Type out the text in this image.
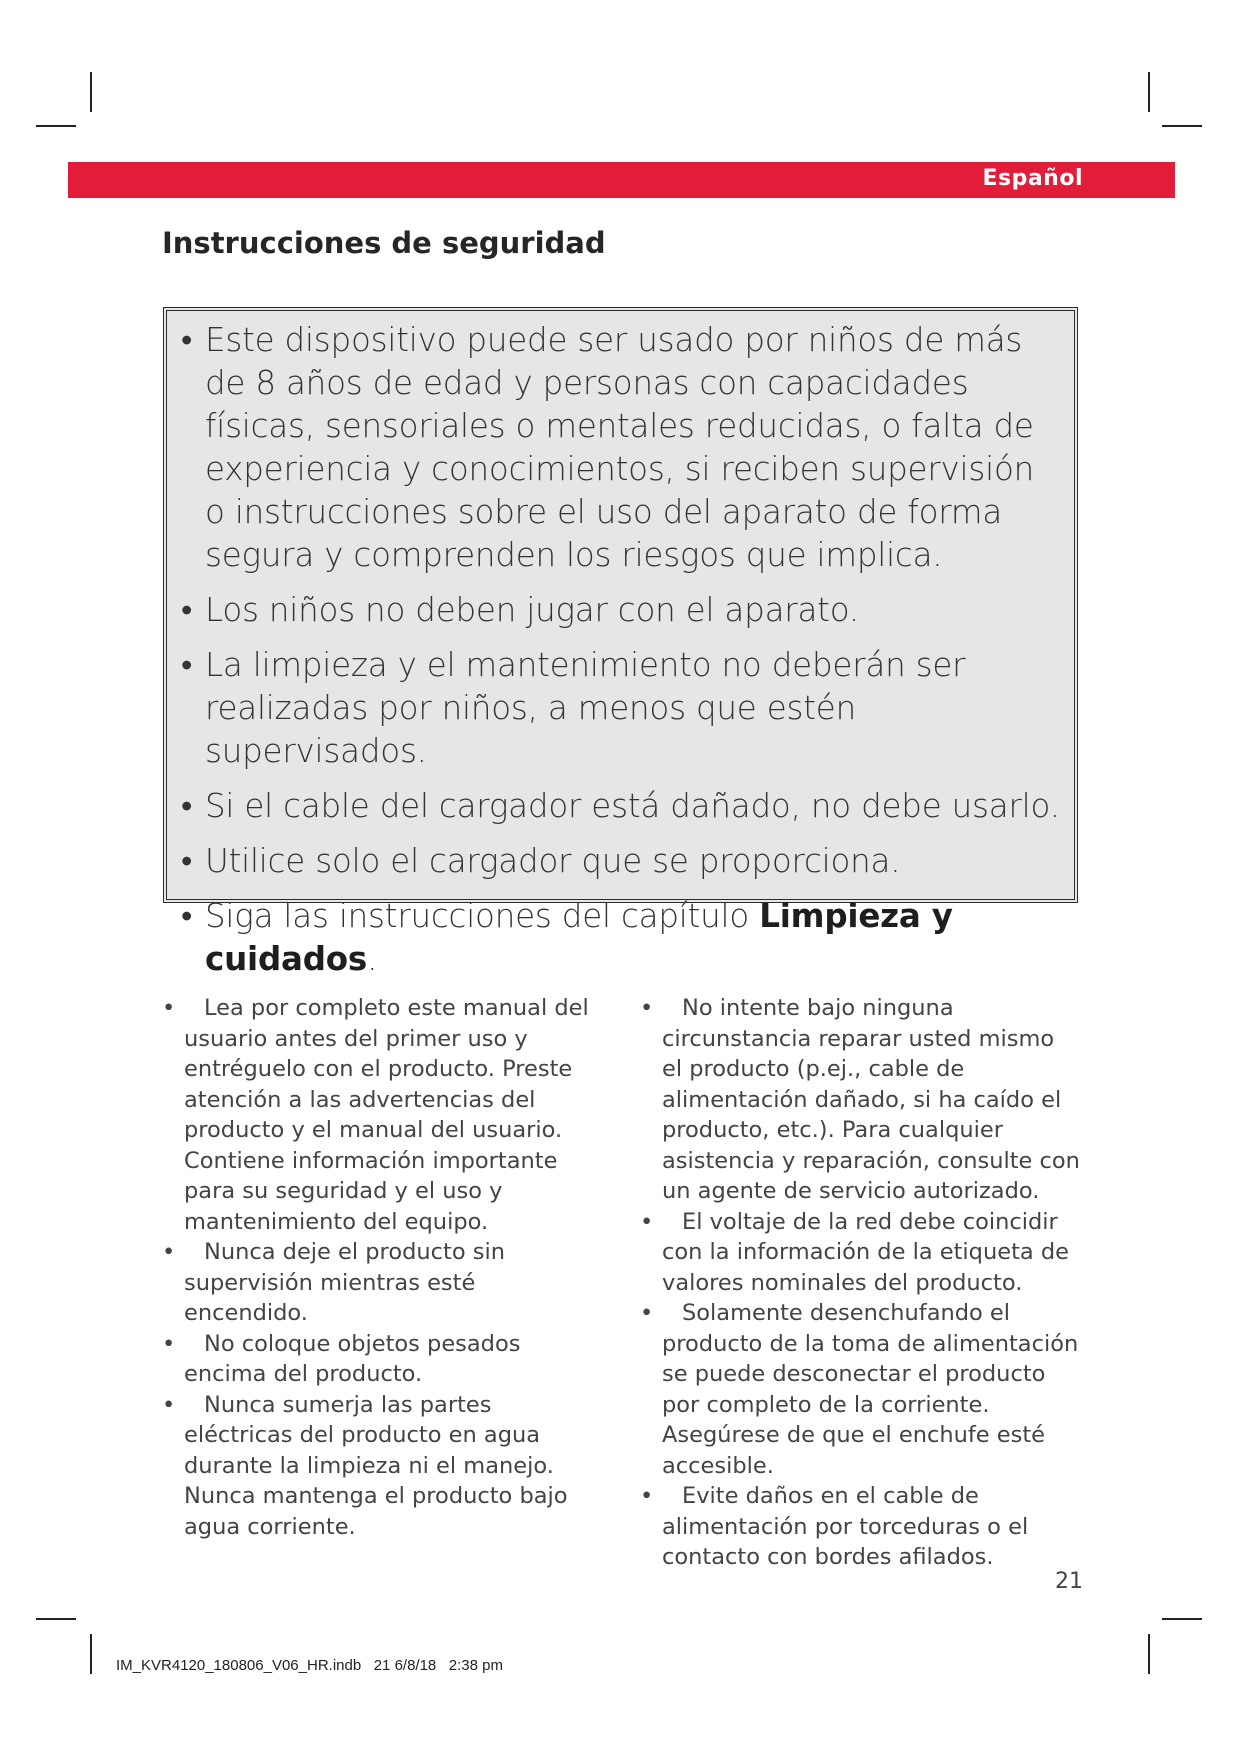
Español
Instrucciones de seguridad
• Este dispositivo puede ser usado por niños de más de 8 años de edad y personas con capacidades físicas, sensoriales o mentales reducidas, o falta de experiencia y conocimientos, si reciben supervisión o instrucciones sobre el uso del aparato de forma segura y comprenden los riesgos que implica.
• Los niños no deben jugar con el aparato.
• La limpieza y el mantenimiento no deberán ser realizadas por niños, a menos que estén supervisados.
• Si el cable del cargador está dañado, no debe usarlo.
• Utilice solo el cargador que se proporciona.
• Siga las instrucciones del capítulo Limpieza y cuidados.
• Lea por completo este manual del usuario antes del primer uso y entréguelo con el producto. Preste atención a las advertencias del producto y el manual del usuario. Contiene información importante para su seguridad y el uso y mantenimiento del equipo.
• Nunca deje el producto sin supervisión mientras esté encendido.
• No coloque objetos pesados encima del producto.
• Nunca sumerja las partes eléctricas del producto en agua durante la limpieza ni el manejo. Nunca mantenga el producto bajo agua corriente.
• No intente bajo ninguna circunstancia reparar usted mismo el producto (p.ej., cable de alimentación dañado, si ha caído el producto, etc.). Para cualquier asistencia y reparación, consulte con un agente de servicio autorizado.
• El voltaje de la red debe coincidir con la información de la etiqueta de valores nominales del producto.
• Solamente desenchufando el producto de la toma de alimentación se puede desconectar el producto por completo de la corriente. Asegúrese de que el enchufe esté accesible.
• Evite daños en el cable de alimentación por torceduras o el contacto con bordes afilados.
21
IM_KVR4120_180806_V06_HR.indb 21 6/8/18 2:38 pm
